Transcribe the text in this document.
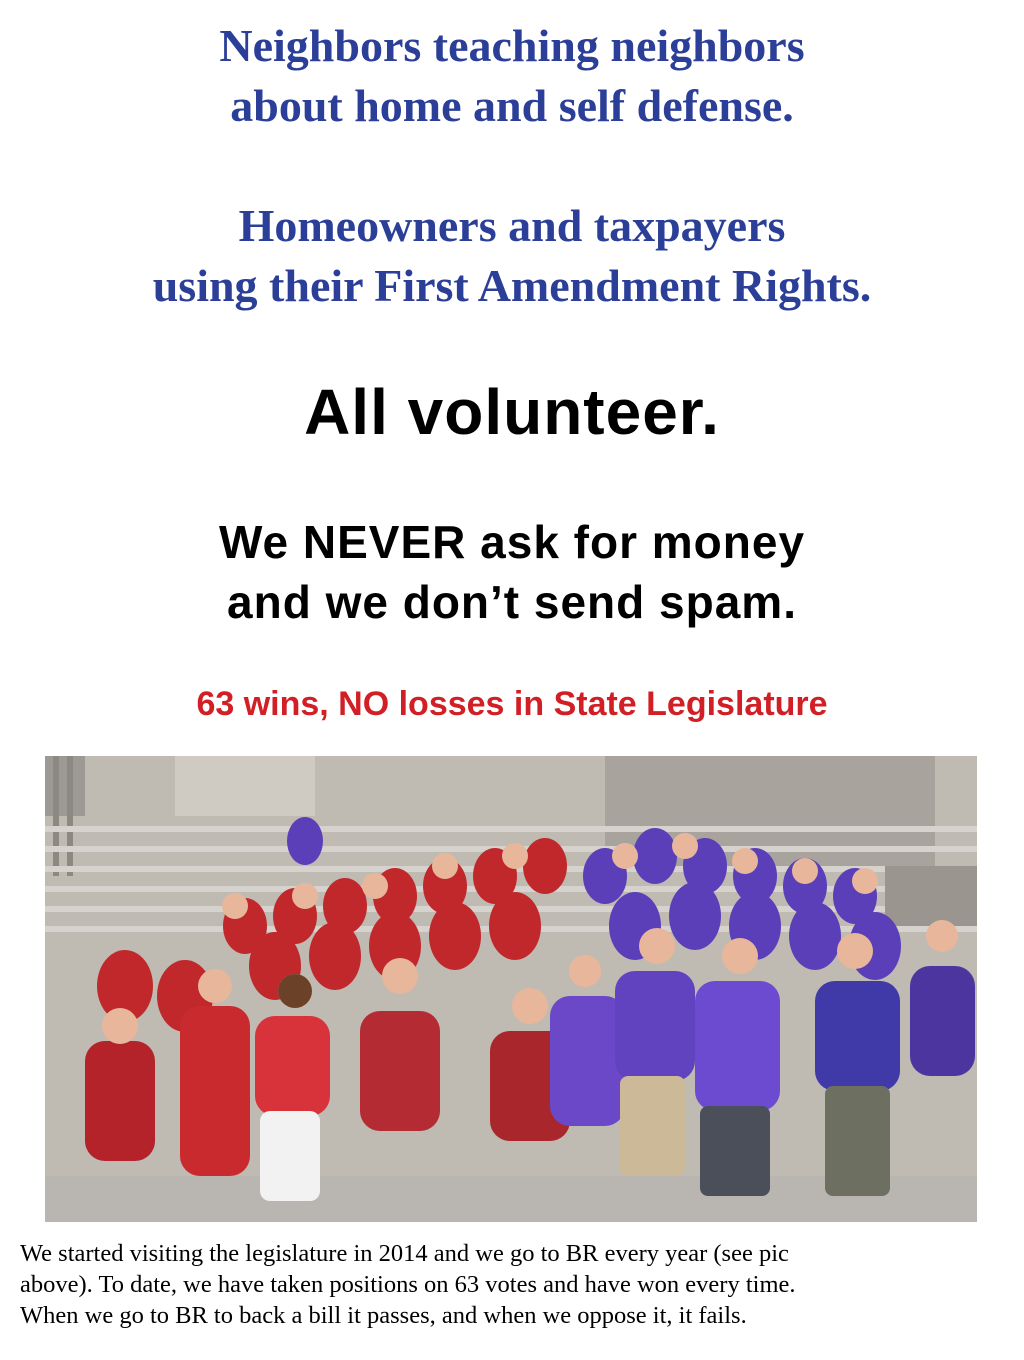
Neighbors teaching neighbors
about home and self defense.
Homeowners and taxpayers
using their First Amendment Rights.
All volunteer.
We NEVER ask for money
and we don’t send spam.
63 wins, NO losses in State Legislature
We started visiting the legislature in 2014 and we go to BR every year (see pic
above). To date, we have taken positions on 63 votes and have won every time.
When we go to BR to back a bill it passes, and when we oppose it, it fails.
